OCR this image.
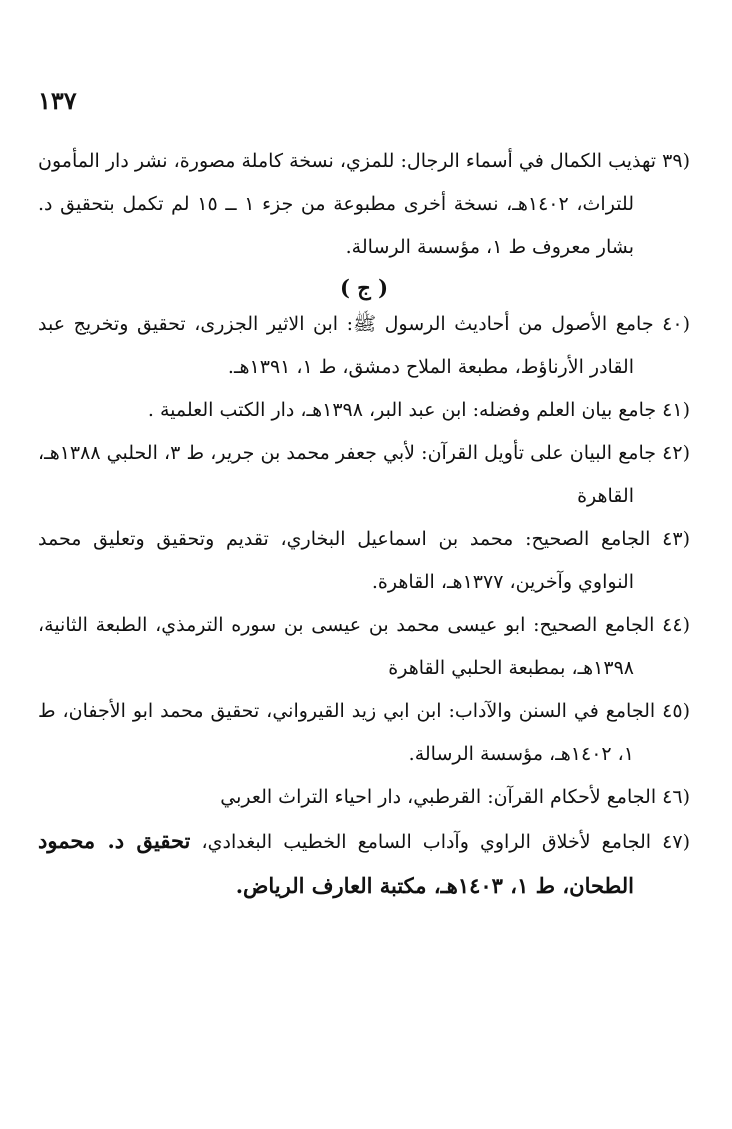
١٣٧

(٣٩ تهذيب الكمال في أسماء الرجال: للمزي، نسخة كاملة مصورة، نشر دار المأمون للتراث، ١٤٠٢هـ، نسخة أخرى مطبوعة من جزء ١ ــ ١٥ لم تكمل بتحقيق د. بشار معروف ط ١، مؤسسة الرسالة.

( ج )

(٤٠ جامع الأصول من أحاديث الرسول ﷺ: ابن الاثير الجزرى، تحقيق وتخريج عبد القادر الأرناؤط، مطبعة الملاح دمشق، ط ١، ١٣٩١هـ.

(٤١ جامع بيان العلم وفضله: ابن عبد البر، ١٣٩٨هـ، دار الكتب العلمية .

(٤٢ جامع البيان على تأويل القرآن: لأبي جعفر محمد بن جرير، ط ٣، الحلبي ١٣٨٨هـ، القاهرة

(٤٣ الجامع الصحيح: محمد بن اسماعيل البخاري، تقديم وتحقيق وتعليق محمد النواوي وآخرين، ١٣٧٧هـ، القاهرة.

(٤٤ الجامع الصحيح: ابو عيسى محمد بن عيسى بن سوره الترمذي، الطبعة الثانية، ١٣٩٨هـ، بمطبعة الحلبي القاهرة

(٤٥ الجامع في السنن والآداب: ابن ابي زيد القيرواني، تحقيق محمد ابو الأجفان، ط ١، ١٤٠٢هـ، مؤسسة الرسالة.

(٤٦ الجامع لأحكام القرآن: القرطبي، دار احياء التراث العربي

(٤٧ الجامع لأخلاق الراوي وآداب السامع الخطيب البغدادي، تحقيق د. محمود الطحان، ط ١، ١٤٠٣هـ، مكتبة العارف الرياض.
